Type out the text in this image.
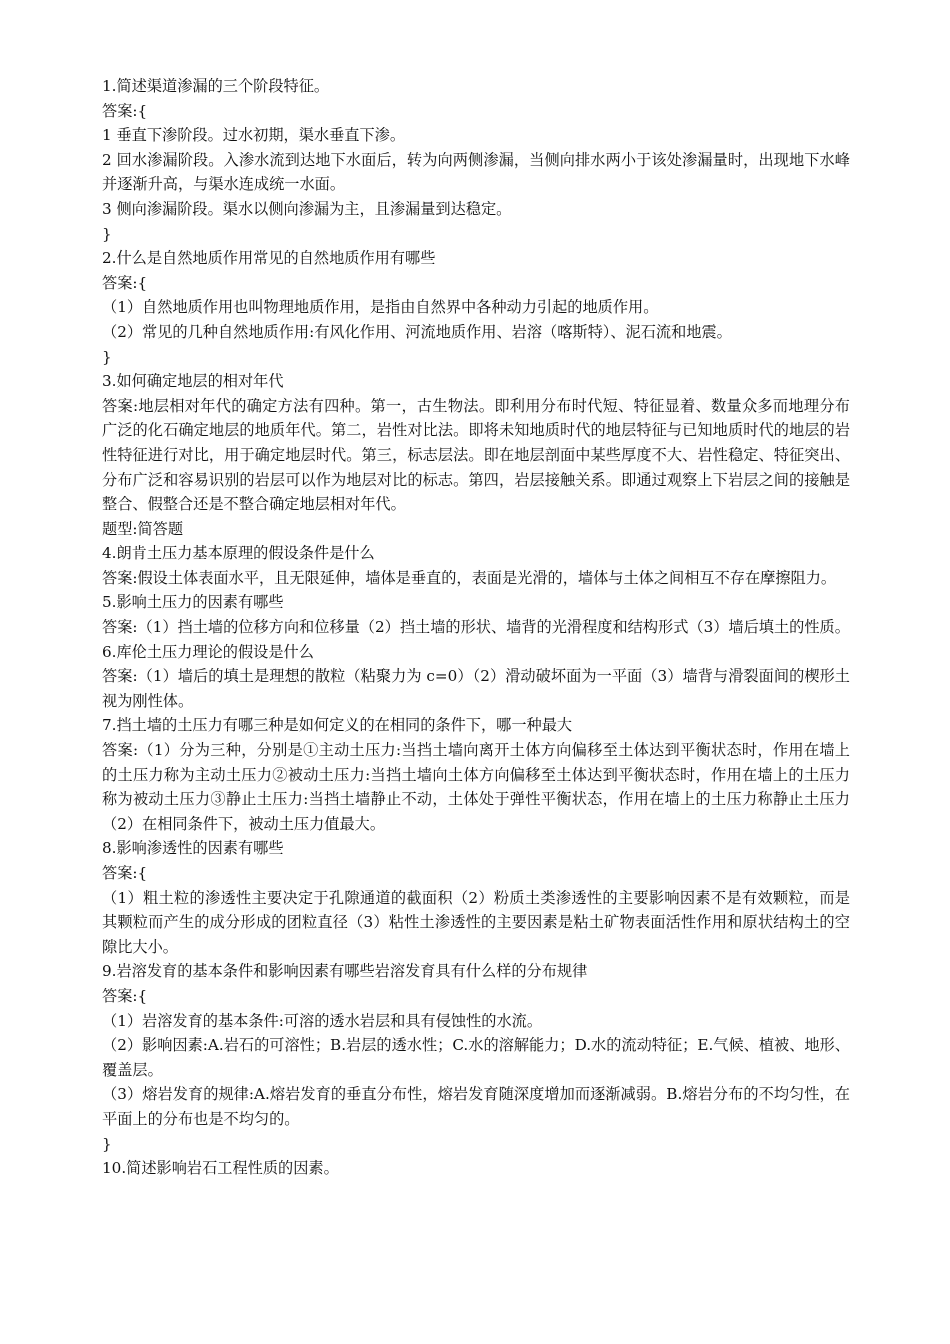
1.简述渠道渗漏的三个阶段特征。

答案:{

1 垂直下渗阶段。过水初期，渠水垂直下渗。

2 回水渗漏阶段。入渗水流到达地下水面后，转为向两侧渗漏，当侧向排水两小于该处渗漏量时，出现地下水峰并逐渐升高，与渠水连成统一水面。

3 侧向渗漏阶段。渠水以侧向渗漏为主，且渗漏量到达稳定。

}

2.什么是自然地质作用常见的自然地质作用有哪些

答案:{

（1）自然地质作用也叫物理地质作用，是指由自然界中各种动力引起的地质作用。

（2）常见的几种自然地质作用:有风化作用、河流地质作用、岩溶（喀斯特）、泥石流和地震。

}

3.如何确定地层的相对年代

答案:地层相对年代的确定方法有四种。第一，古生物法。即利用分布时代短、特征显着、数量众多而地理分布广泛的化石确定地层的地质年代。第二，岩性对比法。即将未知地质时代的地层特征与已知地质时代的地层的岩性特征进行对比，用于确定地层时代。第三，标志层法。即在地层剖面中某些厚度不大、岩性稳定、特征突出、分布广泛和容易识别的岩层可以作为地层对比的标志。第四，岩层接触关系。即通过观察上下岩层之间的接触是整合、假整合还是不整合确定地层相对年代。

题型:简答题

4.朗肯土压力基本原理的假设条件是什么

答案:假设土体表面水平，且无限延伸，墙体是垂直的，表面是光滑的，墙体与土体之间相互不存在摩擦阻力。

5.影响土压力的因素有哪些

答案:（1）挡土墙的位移方向和位移量（2）挡土墙的形状、墙背的光滑程度和结构形式（3）墙后填土的性质。

6.库伦土压力理论的假设是什么

答案:（1）墙后的填土是理想的散粒（粘聚力为 c=0）（2）滑动破坏面为一平面（3）墙背与滑裂面间的楔形土视为刚性体。

7.挡土墙的土压力有哪三种是如何定义的在相同的条件下，哪一种最大

答案:（1）分为三种，分别是①主动土压力:当挡土墙向离开土体方向偏移至土体达到平衡状态时，作用在墙上的土压力称为主动土压力②被动土压力:当挡土墙向土体方向偏移至土体达到平衡状态时，作用在墙上的土压力称为被动土压力③静止土压力:当挡土墙静止不动，土体处于弹性平衡状态，作用在墙上的土压力称静止土压力（2）在相同条件下，被动土压力值最大。

8.影响渗透性的因素有哪些

答案:{

（1）粗土粒的渗透性主要决定于孔隙通道的截面积（2）粉质土类渗透性的主要影响因素不是有效颗粒，而是其颗粒而产生的成分形成的团粒直径（3）粘性土渗透性的主要因素是粘土矿物表面活性作用和原状结构土的空隙比大小。

9.岩溶发育的基本条件和影响因素有哪些岩溶发育具有什么样的分布规律

答案:{

（1）岩溶发育的基本条件:可溶的透水岩层和具有侵蚀性的水流。

（2）影响因素:A.岩石的可溶性；B.岩层的透水性；C.水的溶解能力；D.水的流动特征；E.气候、植被、地形、覆盖层。

（3）熔岩发育的规律:A.熔岩发育的垂直分布性，熔岩发育随深度增加而逐渐减弱。B.熔岩分布的不均匀性，在平面上的分布也是不均匀的。

}

10.简述影响岩石工程性质的因素。
